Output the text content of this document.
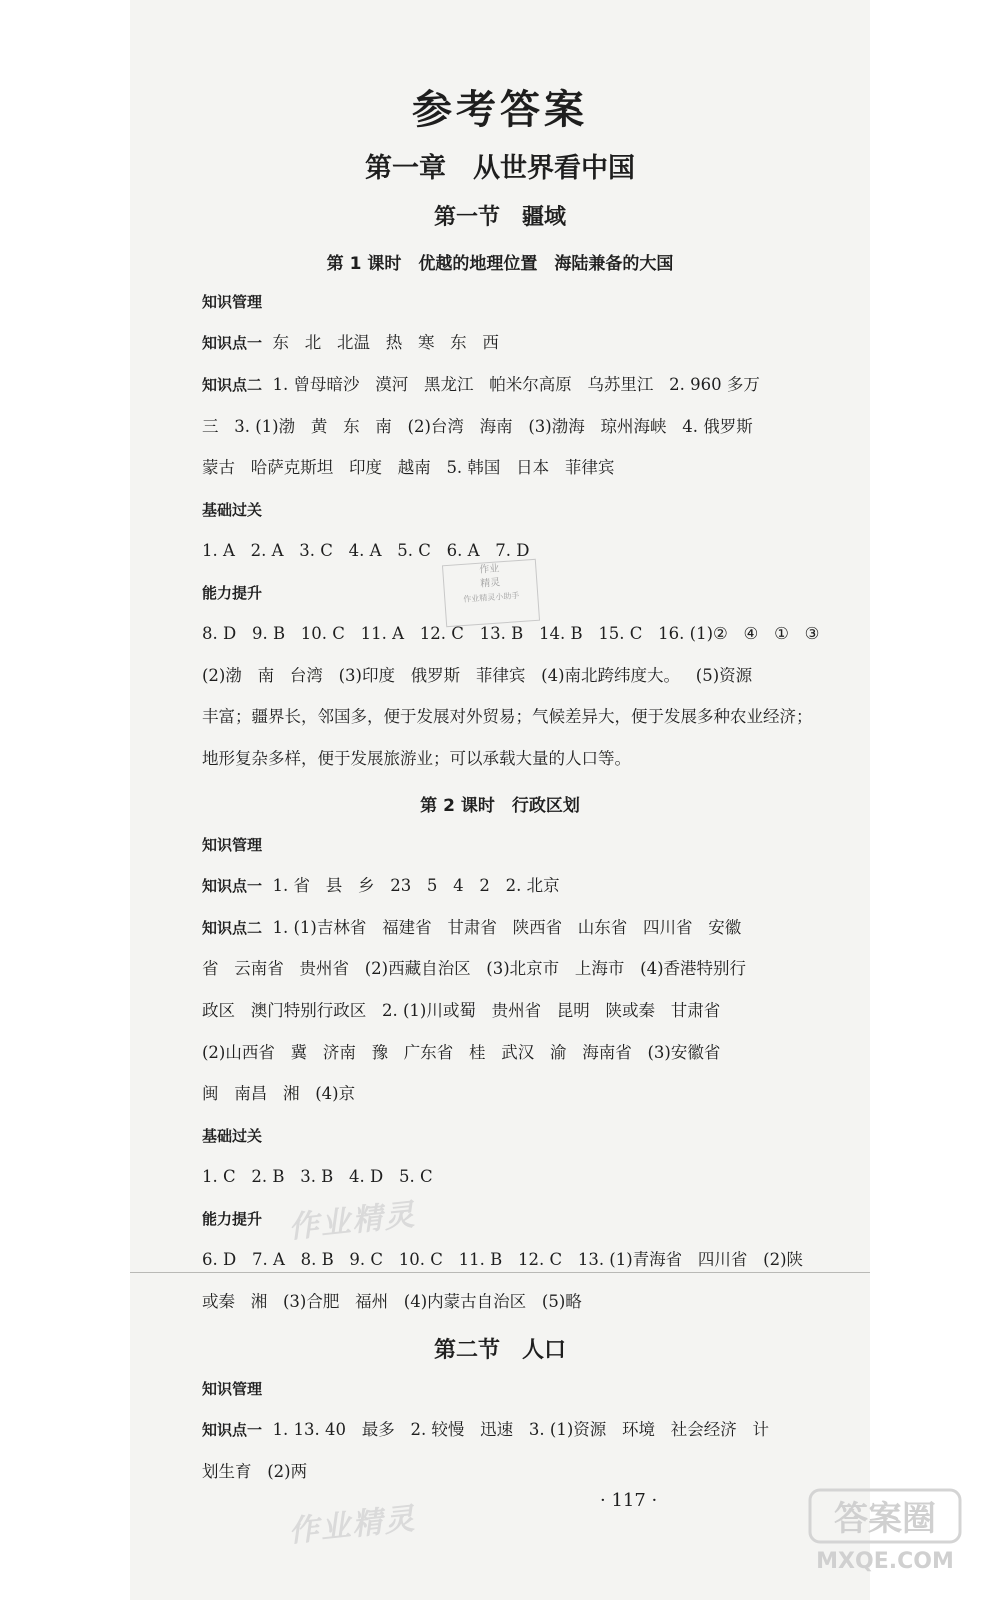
参考答案
第一章　从世界看中国
第一节　疆域
第 1 课时　优越的地理位置　海陆兼备的大国
知识管理
知识点一  东   北   北温   热   寒   东   西
知识点二  1. 曾母暗沙   漠河   黑龙江   帕米尔高原   乌苏里江   2. 960 多万
三   3. (1)渤   黄   东   南   (2)台湾   海南   (3)渤海   琼州海峡   4. 俄罗斯
蒙古   哈萨克斯坦   印度   越南   5. 韩国   日本   菲律宾
基础过关
1. A   2. A   3. C   4. A   5. C   6. A   7. D
能力提升
8. D   9. B   10. C   11. A   12. C   13. B   14. B   15. C   16. (1)②   ④   ①   ③
(2)渤   南   台湾   (3)印度   俄罗斯   菲律宾   (4)南北跨纬度大。   (5)资源
丰富；疆界长，邻国多，便于发展对外贸易；气候差异大，便于发展多种农业经济；
地形复杂多样，便于发展旅游业；可以承载大量的人口等。
作业
精灵
作业精灵小助手
第 2 课时　行政区划
知识管理
知识点一  1. 省   县   乡   23   5   4   2   2. 北京
知识点二  1. (1)吉林省   福建省   甘肃省   陕西省   山东省   四川省   安徽
省   云南省   贵州省   (2)西藏自治区   (3)北京市   上海市   (4)香港特别行
政区   澳门特别行政区   2. (1)川或蜀   贵州省   昆明   陕或秦   甘肃省
(2)山西省   冀   济南   豫   广东省   桂   武汉   渝   海南省   (3)安徽省
闽   南昌   湘   (4)京
基础过关
1. C   2. B   3. B   4. D   5. C
能力提升
6. D   7. A   8. B   9. C   10. C   11. B   12. C   13. (1)青海省   四川省   (2)陕
或秦   湘   (3)合肥   福州   (4)内蒙古自治区   (5)略
第二节　人口
知识管理
知识点一  1. 13. 40   最多   2. 较慢   迅速   3. (1)资源   环境   社会经济   计
划生育   (2)两
· 117 ·
作业精灵
作业精灵	答案圈
MXQE.COM
